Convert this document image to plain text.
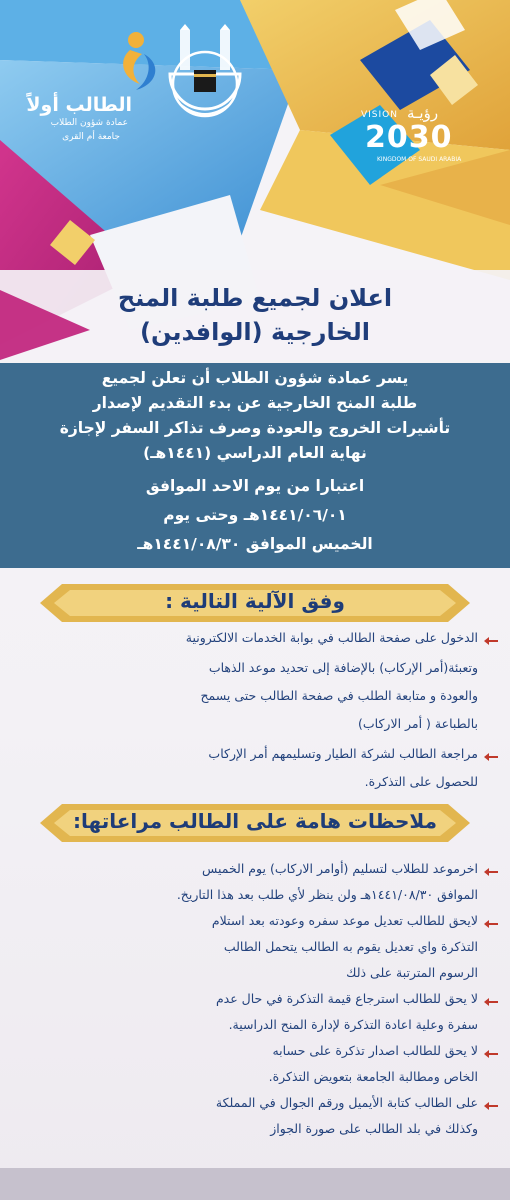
الطالب أولاً
عمادة شؤون الطلاب
جامعة أم القرى
VISION رؤيـة
2030
KINGDOM OF SAUDI ARABIA
اعلان لجميع طلبة المنح
الخارجية (الوافدين)
يسر عمادة شؤون الطلاب أن تعلن لجميع
طلبة المنح الخارجية عن بدء التقديم لإصدار
تأشيرات الخروج والعودة وصرف تذاكر السفر لإجازة
نهاية العام الدراسي (١٤٤١هـ)
اعتبارا من يوم الاحد الموافق
١٤٤١/٠٦/٠١هـ وحتى يوم
الخميس الموافق ١٤٤١/٠٨/٣٠هـ
وفق الآلية التالية :
الدخول على صفحة الطالب في بوابة الخدمات الالكترونية
وتعبئة(أمر الإركاب) بالإضافة إلى تحديد موعد الذهاب
والعودة و متابعة الطلب في صفحة الطالب حتى يسمح
بالطباعة ( أمر الاركاب)
مراجعة الطالب لشركة الطيار وتسليمهم أمر الإركاب
للحصول على التذكرة.
ملاحظات هامة على الطالب مراعاتها:
اخرموعد للطلاب لتسليم (أوامر الاركاب) يوم الخميس
الموافق ١٤٤١/٠٨/٣٠هـ ولن ينظر لأي طلب بعد هذا التاريخ.
لايحق للطالب تعديل موعد سفره وعودته بعد استلام
التذكرة واي تعديل يقوم به الطالب يتحمل الطالب
الرسوم المترتبة على ذلك
لا يحق للطالب استرجاع قيمة التذكرة في حال عدم
سفرة وعلية اعادة التذكرة لإدارة المنح الدراسية.
لا يحق للطالب اصدار تذكرة على حسابه
الخاص ومطالبة الجامعة بتعويض التذكرة.
على الطالب كتابة الأيميل ورقم الجوال في المملكة
وكذلك في بلد الطالب على صورة الجواز
